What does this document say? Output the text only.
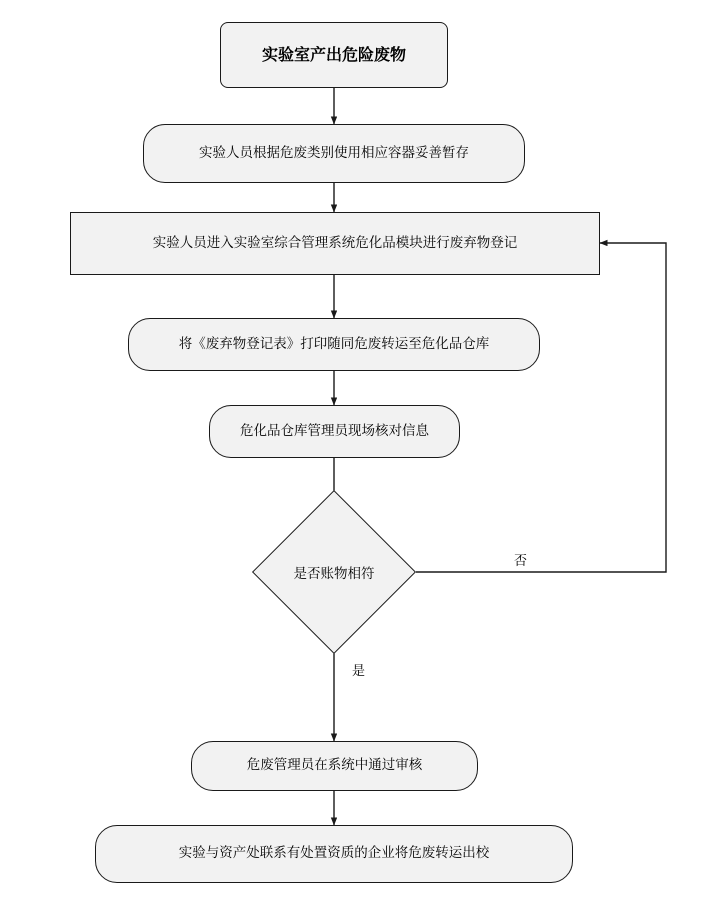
实验室产出危险废物
实验人员根据危废类别使用相应容器妥善暂存
实验人员进入实验室综合管理系统危化品模块进行废弃物登记
将《废弃物登记表》打印随同危废转运至危化品仓库
危化品仓库管理员现场核对信息
是否账物相符
否
是
危废管理员在系统中通过审核
实验与资产处联系有处置资质的企业将危废转运出校
